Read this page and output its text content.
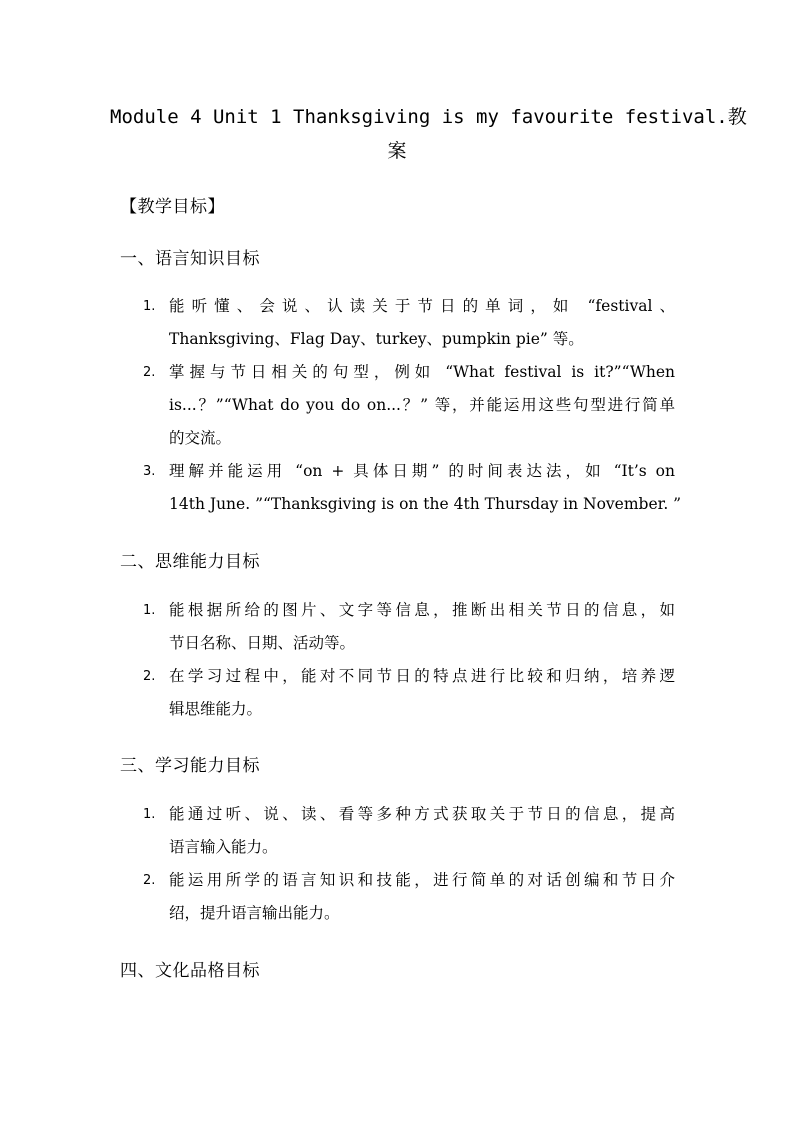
Module 4 Unit 1 Thanksgiving is my favourite festival.教
案
【教学目标】
一、语言知识目标
1. 能听懂、会说、认读关于节日的单词，如 “festival、
Thanksgiving、Flag Day、turkey、pumpkin pie” 等。
2. 掌握与节日相关的句型，例如 “What festival is it?”“When
is...？”“What do you do on...？” 等，并能运用这些句型进行简单
的交流。
3. 理解并能运用 “on + 具体日期” 的时间表达法，如 “It’s on
14th June. ”“Thanksgiving is on the 4th Thursday in November. ”
二、思维能力目标
1. 能根据所给的图片、文字等信息，推断出相关节日的信息，如
节日名称、日期、活动等。
2. 在学习过程中，能对不同节日的特点进行比较和归纳，培养逻
辑思维能力。
三、学习能力目标
1. 能通过听、说、读、看等多种方式获取关于节日的信息，提高
语言输入能力。
2. 能运用所学的语言知识和技能，进行简单的对话创编和节日介
绍，提升语言输出能力。
四、文化品格目标
